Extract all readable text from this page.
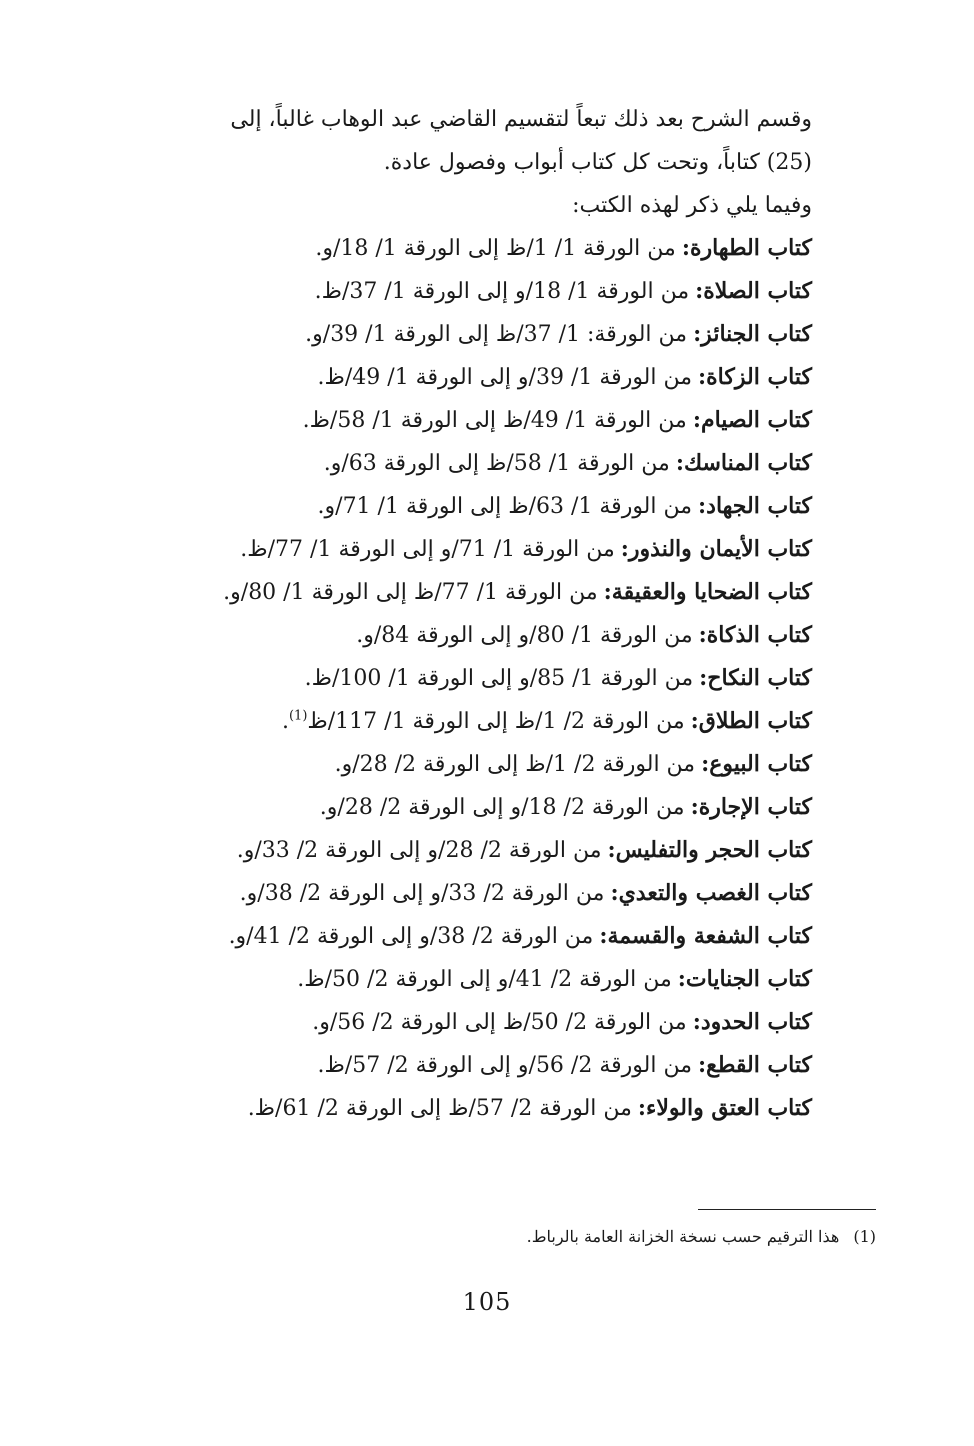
وقسم الشرح بعد ذلك تبعاً لتقسيم القاضي عبد الوهاب غالباً، إلى
(25) كتاباً، وتحت كل كتاب أبواب وفصول عادة.

وفيما يلي ذكر لهذه الكتب:

كتاب الطهارة:من الورقة 1/ 1/ظ إلى الورقة 1/ 18/و.
كتاب الصلاة:من الورقة 1/ 18/و إلى الورقة 1/ 37/ظ.
كتاب الجنائز:من الورقة: 1/ 37/ظ إلى الورقة 1/ 39/و.
كتاب الزكاة:من الورقة 1/ 39/و إلى الورقة 1/ 49/ظ.
كتاب الصيام:من الورقة 1/ 49/ظ إلى الورقة 1/ 58/ظ.
كتاب المناسك:من الورقة 1/ 58/ظ إلى الورقة 63/و.
كتاب الجهاد:من الورقة 1/ 63/ظ إلى الورقة 1/ 71/و.
كتاب الأيمان والنذور:من الورقة 1/ 71/و إلى الورقة 1/ 77/ظ.
كتاب الضحايا والعقيقة:من الورقة 1/ 77/ظ إلى الورقة 1/ 80/و.
كتاب الذكاة:من الورقة 1/ 80/و إلى الورقة 84/و.
كتاب النكاح:من الورقة 1/ 85/و إلى الورقة 1/ 100/ظ.
كتاب الطلاق:من الورقة 2/ 1/ظ إلى الورقة 1/ 117/ظ$^{(1)}$.
كتاب البيوع:من الورقة 2/ 1/ظ إلى الورقة 2/ 28/و.
كتاب الإجارة:من الورقة 2/ 18/و إلى الورقة 2/ 28/و.
كتاب الحجر والتفليس:من الورقة 2/ 28/و إلى الورقة 2/ 33/و.
كتاب الغصب والتعدي:من الورقة 2/ 33/و إلى الورقة 2/ 38/و.
كتاب الشفعة والقسمة:من الورقة 2/ 38/و إلى الورقة 2/ 41/و.
كتاب الجنايات:من الورقة 2/ 41/و إلى الورقة 2/ 50/ظ.
كتاب الحدود:من الورقة 2/ 50/ظ إلى الورقة 2/ 56/و.
كتاب القطع:من الورقة 2/ 56/و إلى الورقة 2/ 57/ظ.
كتاب العتق والولاء:من الورقة 2/ 57/ظ إلى الورقة 2/ 61/ظ.
(1)هذا الترقيم حسب نسخة الخزانة العامة بالرباط.
105
